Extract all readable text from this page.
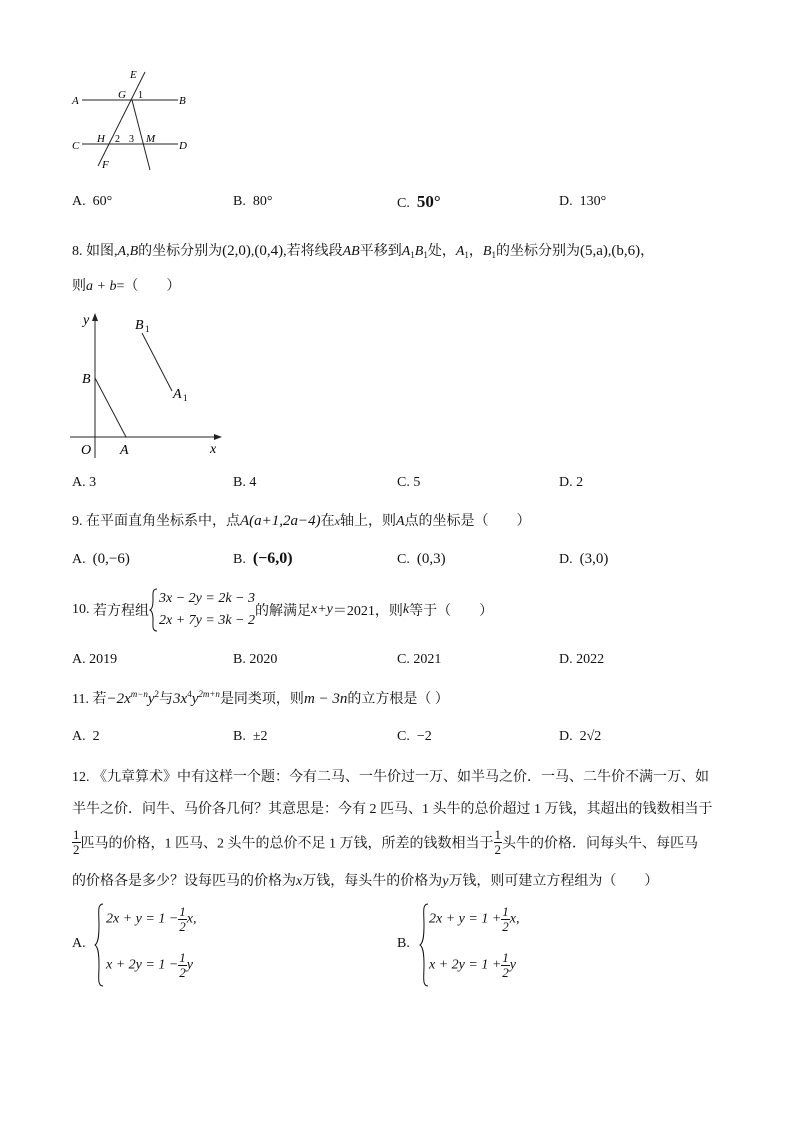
E
A	G 1	B
C
H 2 3 M
D
F
A. 60°	B. 80°	C. 50°	D. 130°
8. 如图,A,B的坐标分别为(2,0),(0,4),若将线段AB平移到$A_1B_1$处，$A_1$，$B_1$的坐标分别为(5,a),(b,6)，
则a + b=（　　）
y
x
O A
B
B 1
A 1
A. 3	B. 4	C. 5	D. 2
9. 在平面直角坐标系中，点A(a+1,2a−4)在x轴上，则A点的坐标是（　　）
A. (0,−6)	B. (−6,0)	C. (0,3)	D. (3,0)
10. 若方程组
3x − 2y = 2k − 3
2x + 7y = 3k − 2的解满足x+y＝2021，则k等于（　　）
A. 2019	B. 2020	C. 2021	D. 2022
11. 若$-2x^{m-n}y^2$与$3x^4y^{2m+n}$是同类项，则m − 3n的立方根是（ ）
A. 2	B. ±2	C. −2	D. 2√2
12. 《九章算术》中有这样一个题：今有二马、一牛价过一万、如半马之价．一马、二牛价不满一万、如
半牛之价．问牛、马价各几何？其意思是：今有 2 匹马、1 头牛的总价超过 1 万钱，其超出的钱数相当于
$\frac{1}{2}$ 匹马的价格，1 匹马、2 头牛的总价不足 1 万钱，所差的钱数相当于 $\frac{1}{2}$ 头牛的价格．问每头牛、每匹马
的价格各是多少？设每匹马的价格为x万钱，每头牛的价格为y万钱，则可建立方程组为（　　）
A.
$2x + y = 1 - \frac{1}{2} x$,
$x + 2y = 1 - \frac{1}{2}$ y
B.
$2x + y = 1 + \frac{1}{2} x$,
$x + 2y = 1 + \frac{1}{2}$ y
